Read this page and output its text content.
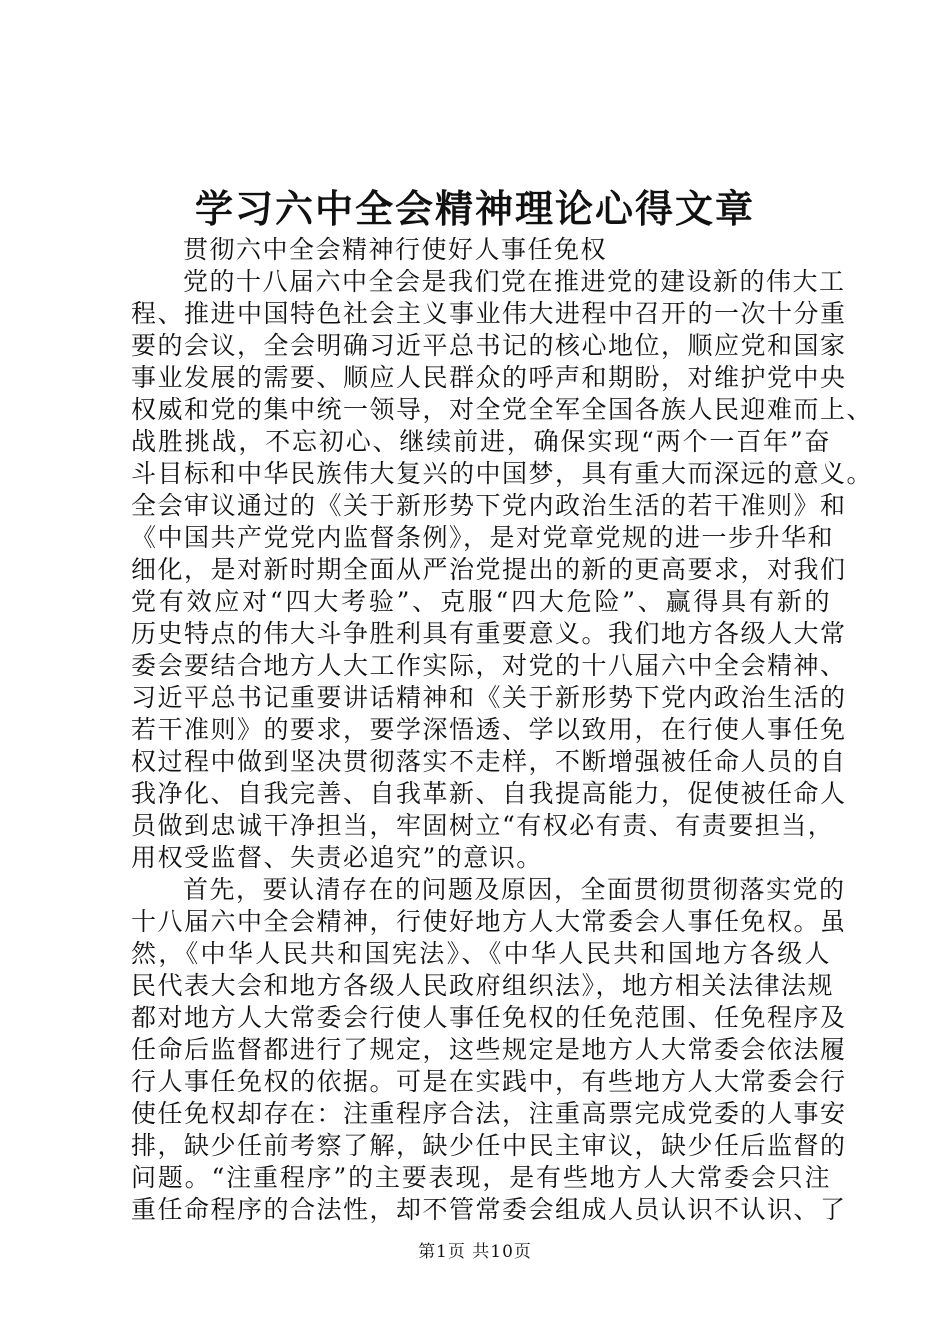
学习六中全会精神理论心得文章
贯彻六中全会精神行使好人事任免权
党的十八届六中全会是我们党在推进党的建设新的伟大工
程、推进中国特色社会主义事业伟大进程中召开的一次十分重
要的会议，全会明确习近平总书记的核心地位，顺应党和国家
事业发展的需要、顺应人民群众的呼声和期盼，对维护党中央
权威和党的集中统一领导，对全党全军全国各族人民迎难而上、
战胜挑战，不忘初心、继续前进，确保实现“两个一百年”奋
斗目标和中华民族伟大复兴的中国梦，具有重大而深远的意义。
全会审议通过的《关于新形势下党内政治生活的若干准则》和
《中国共产党党内监督条例》，是对党章党规的进一步升华和
细化，是对新时期全面从严治党提出的新的更高要求，对我们
党有效应对“四大考验”、克服“四大危险”、赢得具有新的
历史特点的伟大斗争胜利具有重要意义。我们地方各级人大常
委会要结合地方人大工作实际，对党的十八届六中全会精神、
习近平总书记重要讲话精神和《关于新形势下党内政治生活的
若干准则》的要求，要学深悟透、学以致用，在行使人事任免
权过程中做到坚决贯彻落实不走样，不断增强被任命人员的自
我净化、自我完善、自我革新、自我提高能力，促使被任命人
员做到忠诚干净担当，牢固树立“有权必有责、有责要担当，
用权受监督、失责必追究”的意识。
首先，要认清存在的问题及原因，全面贯彻贯彻落实党的
十八届六中全会精神，行使好地方人大常委会人事任免权。虽
然，《中华人民共和国宪法》、《中华人民共和国地方各级人
民代表大会和地方各级人民政府组织法》，地方相关法律法规
都对地方人大常委会行使人事任免权的任免范围、任免程序及
任命后监督都进行了规定，这些规定是地方人大常委会依法履
行人事任免权的依据。可是在实践中，有些地方人大常委会行
使任免权却存在：注重程序合法，注重高票完成党委的人事安
排，缺少任前考察了解，缺少任中民主审议，缺少任后监督的
问题。“注重程序”的主要表现，是有些地方人大常委会只注
重任命程序的合法性，却不管常委会组成人员认识不认识、了
第1页 共10页
